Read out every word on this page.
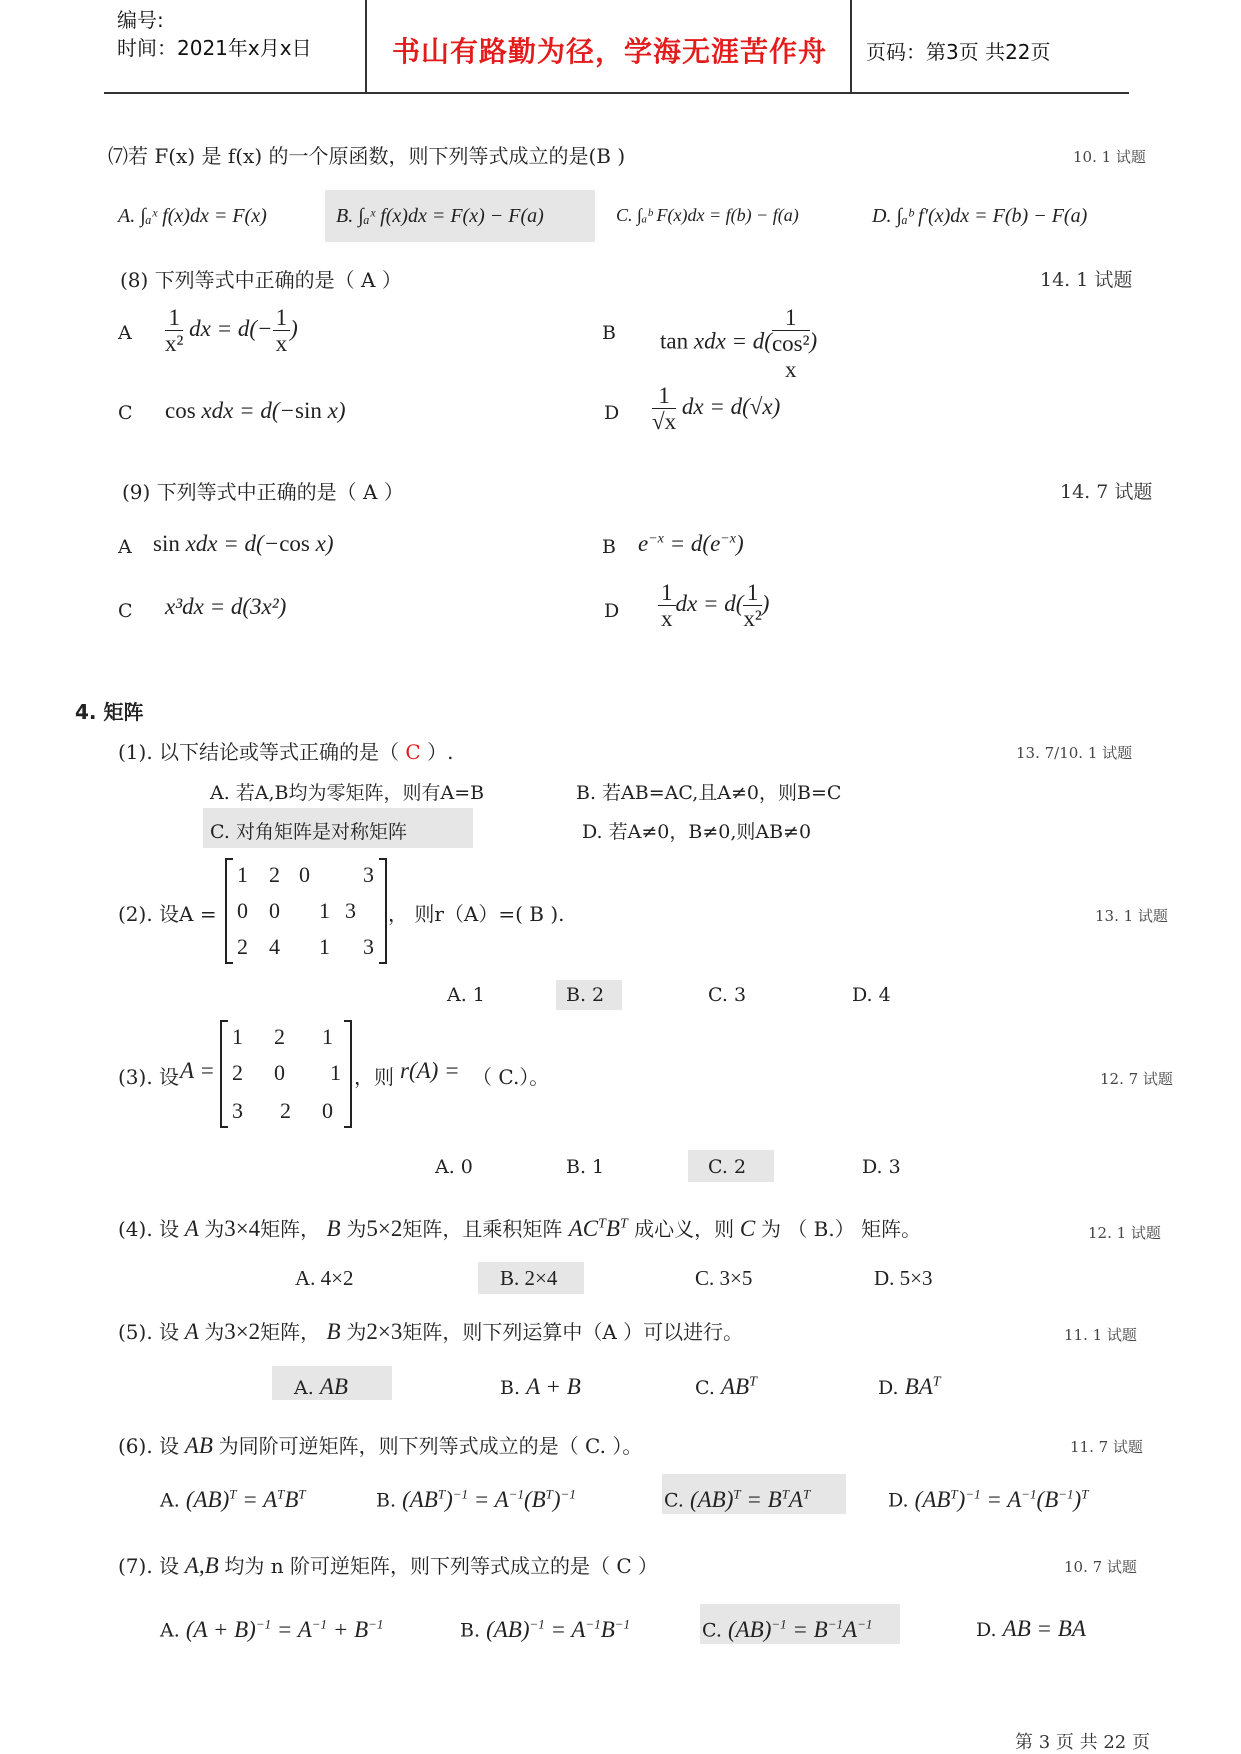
编号:
时间：2021年x月x日	书山有路勤为径，学海无涯苦作舟 页码：第3页 共22页
⑺若 F(x) 是 f(x) 的一个原函数，则下列等式成立的是(B )	10. 1 试题
A. ∫ₐˣ f(x)dx = F(x)	B. ∫ₐˣ f(x)dx = F(x) − F(a)	C. ∫ₐᵇ F(x)dx = f(b) − f(a)	D. ∫ₐᵇ f′(x)dx = F(b) − F(a)
(8) 下列等式中正确的是（ A ）	14. 1 试题
A $\frac{1}{\text{x²}}$ dx = $d(- \frac{1}{x}$ )	B tan xdx = d( 1
cos²
x )
C cos xdx = d(−sin x)	D $\frac{1}{√x}$ dx = d(√x)
(9) 下列等式中正确的是（ A ）	14. 7 试题
A sin xdx = d(−cos x)	B $e^{-x} = d(e^{-x})$
C x³dx = d(3x²)	D $\frac{1}{x}$ dx = $d( \frac{1}{\text{x²}}$ )
4. 矩阵
(1). 以下结论或等式正确的是（ C ）.	13. 7/10. 1 试题
A. 若A,B均为零矩阵，则有A=B	B. 若AB=AC,且A≠0，则B=C
C. 对角矩阵是对称矩阵	D. 若A≠0，B≠0,则AB≠0
(2). 设A =
1 2 0 3
0 0 1 3
2 4 1 3
， 则r（A）=( B ).	13. 1 试题
A. 1	B. 2	C. 3	D. 4
(3). 设 A =
1 2 1
2 0 1
3 2 0
，则 r(A) = （ C.）。	12. 7 试题
A. 0	B. 1	C. 2	D. 3
(4). 设 A 为3×4矩阵， B 为5×2矩阵，且乘积矩阵 $AC^TB^T$ 成心义，则 C 为 （ B.） 矩阵。	12. 1 试题
A. 4×2	B. 2×4	C. 3×5	D. 5×3
(5). 设 A 为3×2矩阵， B 为2×3矩阵，则下列运算中（A ）可以进行。	11. 1 试题
A. AB	B. A + B	C. $AB^T$	D. $BA^T$
(6). 设 AB 为同阶可逆矩阵，则下列等式成立的是（ C. ）。	11. 7 试题
A. $(AB)^T = A^TB^T$	B. $(AB^T)^{-1} = A^{-1}(B^T)^{-1}$	C. $(AB)^T = B^TA^T$	D. $(AB^T)^{-1} = A^{-1}(B^{-1})^T$
(7). 设 A,B 均为 n 阶可逆矩阵，则下列等式成立的是（ C ）	10. 7 试题
A. $(A + B)^{-1} = A^{-1} + B^{-1}$	B. $(AB)^{-1} = A^{-1}B^{-1}$	C. $(AB)^{-1} = B^{-1}A^{-1}$	D. AB = BA
第 3 页 共 22 页
